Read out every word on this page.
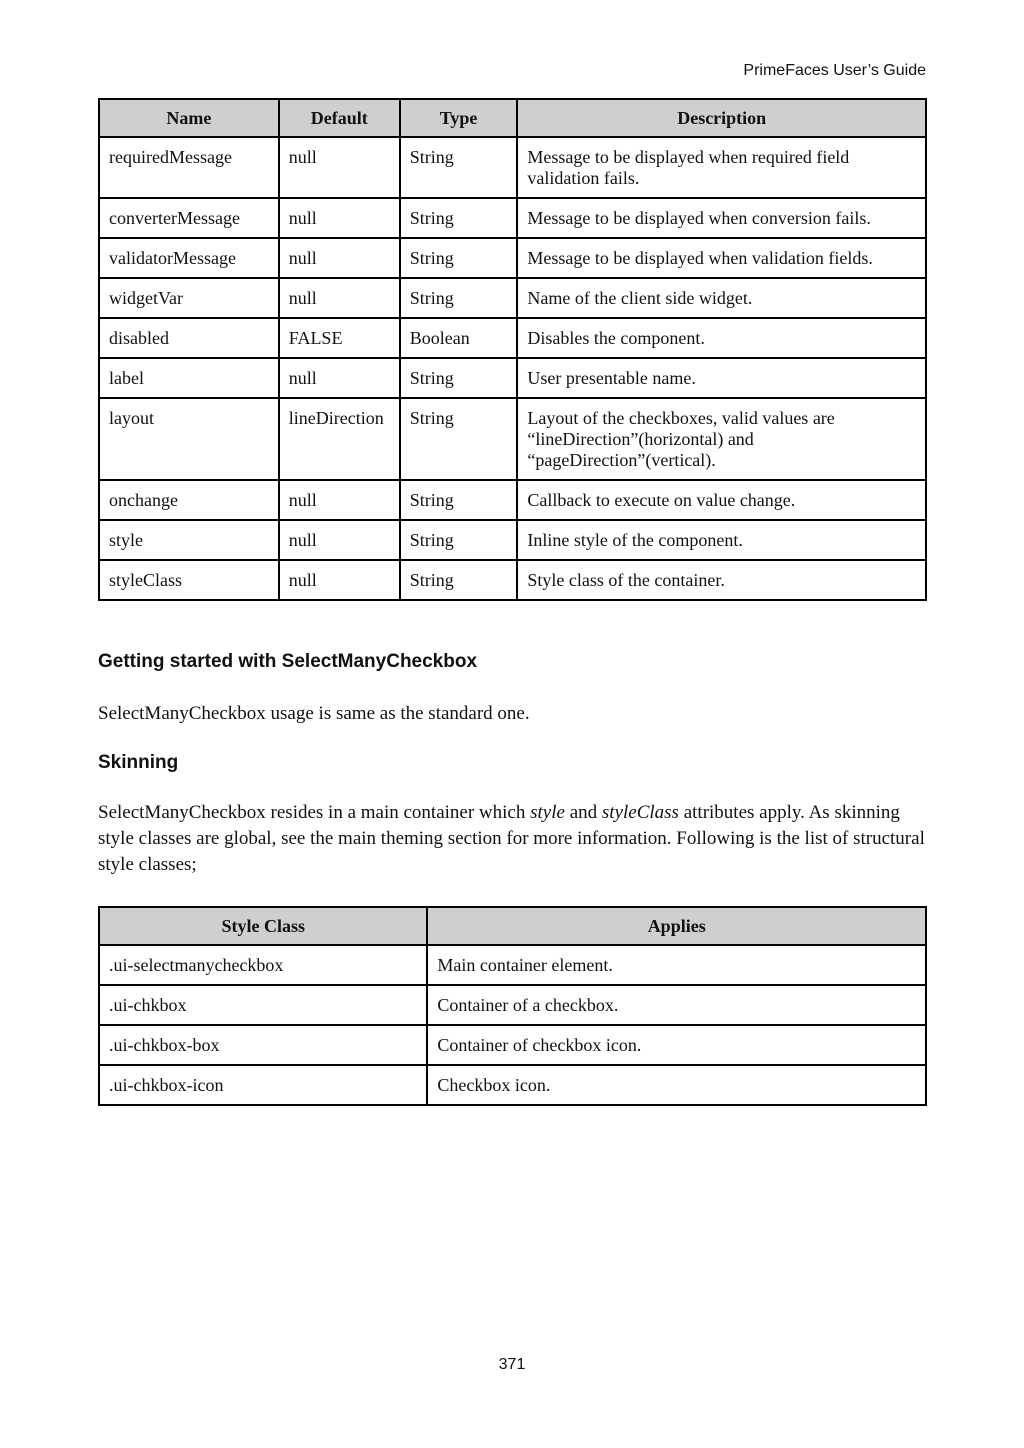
PrimeFaces User’s Guide
Name	Default	Type	Description
requiredMessage	null	String	Message to be displayed when required field validation fails.
converterMessage	null	String	Message to be displayed when conversion fails.
validatorMessage	null	String	Message to be displayed when validation fields.
widgetVar	null	String	Name of the client side widget.
disabled	FALSE	Boolean	Disables the component.
label	null	String	User presentable name.
layout	lineDirection	String	Layout of the checkboxes, valid values are “lineDirection”(horizontal) and “pageDirection”(vertical).
onchange	null	String	Callback to execute on value change.
style	null	String	Inline style of the component.
styleClass	null	String	Style class of the container.
Getting started with SelectManyCheckbox

SelectManyCheckbox usage is same as the standard one.

Skinning

SelectManyCheckbox resides in a main container which style and styleClass attributes apply. As skinning style classes are global, see the main theming section for more information. Following is the list of structural style classes;

Style Class	Applies
.ui-selectmanycheckbox	Main container element.
.ui-chkbox	Container of a checkbox.
.ui-chkbox-box	Container of checkbox icon.
.ui-chkbox-icon	Checkbox icon.
371
